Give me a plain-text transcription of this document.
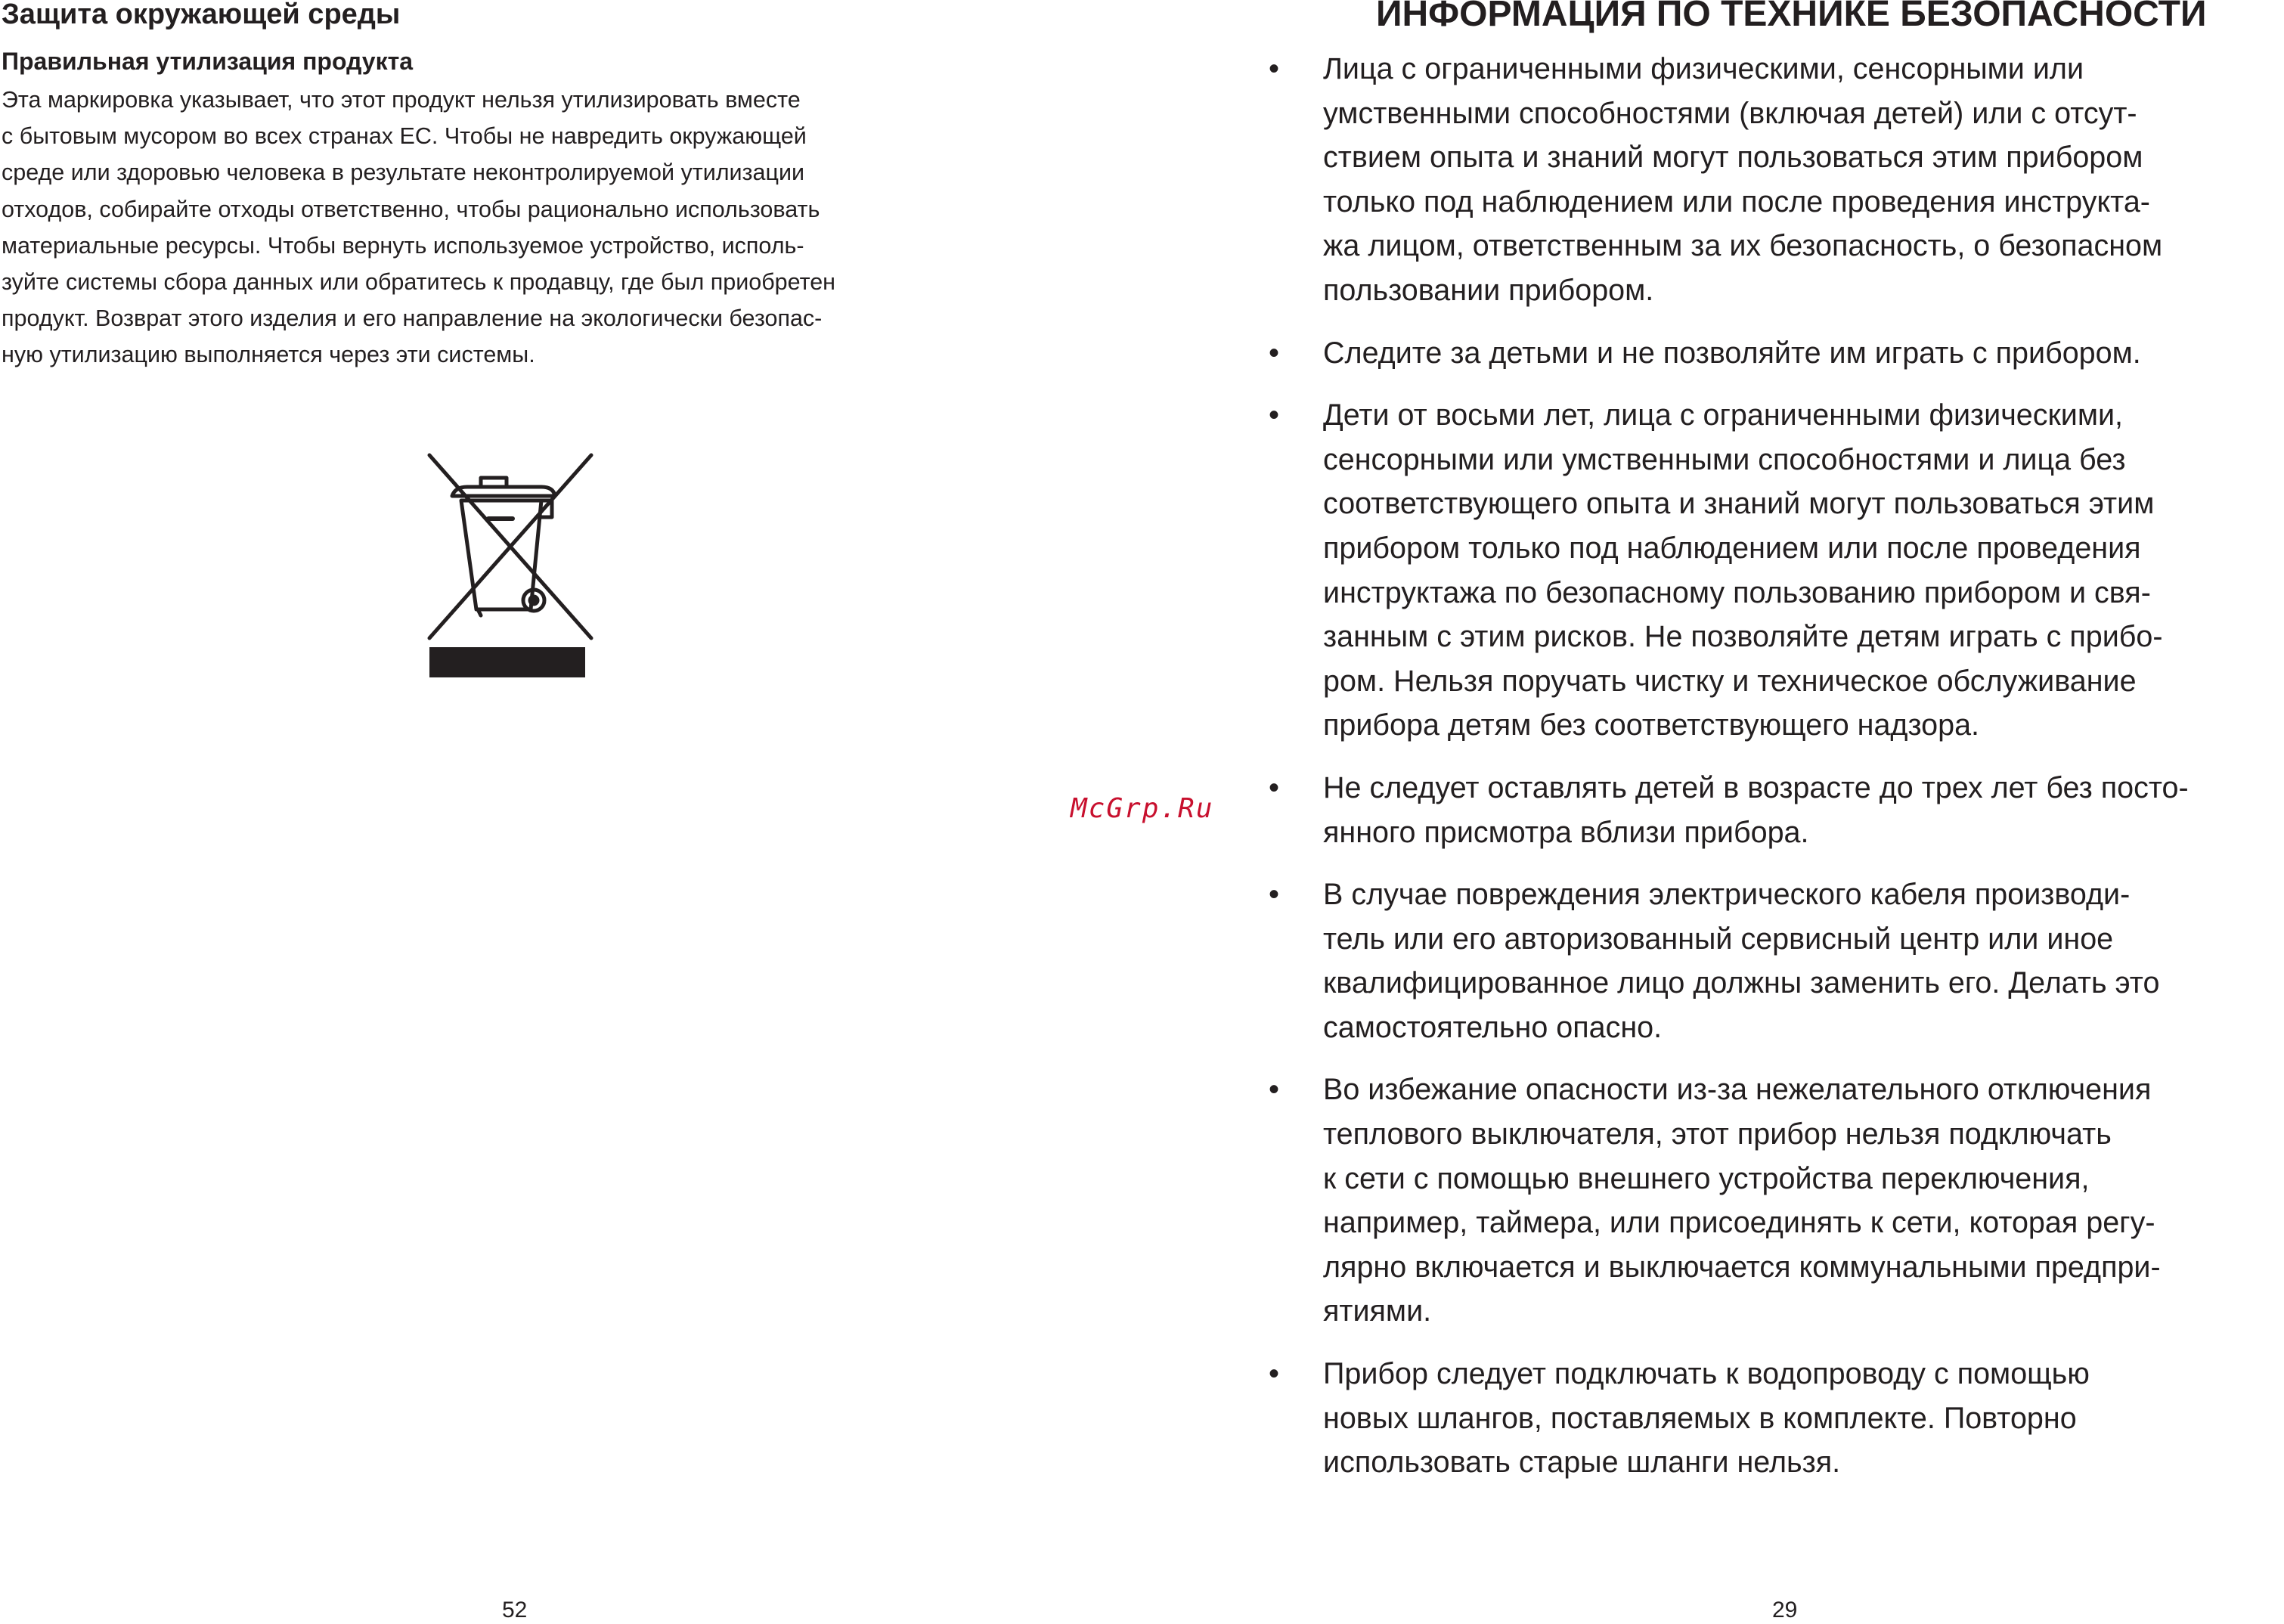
Защита окружающей среды
Правильная утилизация продукта

Эта маркировка указывает, что этот продукт нельзя утилизировать вместе
с бытовым мусором во всех странах ЕС. Чтобы не навредить окружающей
среде или здоровью человека в результате неконтролируемой утилизации
отходов, собирайте отходы ответственно, чтобы рационально использовать
материальные ресурсы. Чтобы вернуть используемое устройство, исполь-
зуйте системы сбора данных или обратитесь к продавцу, где был приобретен
продукт. Возврат этого изделия и его направление на экологически безопас-
ную утилизацию выполняется через эти системы.

52
McGrp.Ru
ИНФОРМАЦИЯ ПО ТЕХНИКЕ БЕЗОПАСНОСТИ
• Лица с ограниченными физическими, сенсорными или
умственными способностями (включая детей) или с отсут-
ствием опыта и знаний могут пользоваться этим прибором
только под наблюдением или после проведения инструкта-
жа лицом, ответственным за их безопасность, о безопасном
пользовании прибором.
• Следите за детьми и не позволяйте им играть с прибором.
• Дети от восьми лет, лица с ограниченными физическими,
сенсорными или умственными способностями и лица без
соответствующего опыта и знаний могут пользоваться этим
прибором только под наблюдением или после проведения
инструктажа по безопасному пользованию прибором и свя-
занным с этим рисков. Не позволяйте детям играть с прибо-
ром. Нельзя поручать чистку и техническое обслуживание
прибора детям без соответствующего надзора.
• Не следует оставлять детей в возрасте до трех лет без посто-
янного присмотра вблизи прибора.
• В случае повреждения электрического кабеля производи-
тель или его авторизованный сервисный центр или иное
квалифицированное лицо должны заменить его. Делать это
самостоятельно опасно.
• Во избежание опасности из-за нежелательного отключения
теплового выключателя, этот прибор нельзя подключать
к сети с помощью внешнего устройства переключения,
например, таймера, или присоединять к сети, которая регу-
лярно включается и выключается коммунальными предпри-
ятиями.
• Прибор следует подключать к водопроводу с помощью
новых шлангов, поставляемых в комплекте. Повторно
использовать старые шланги нельзя.
29
